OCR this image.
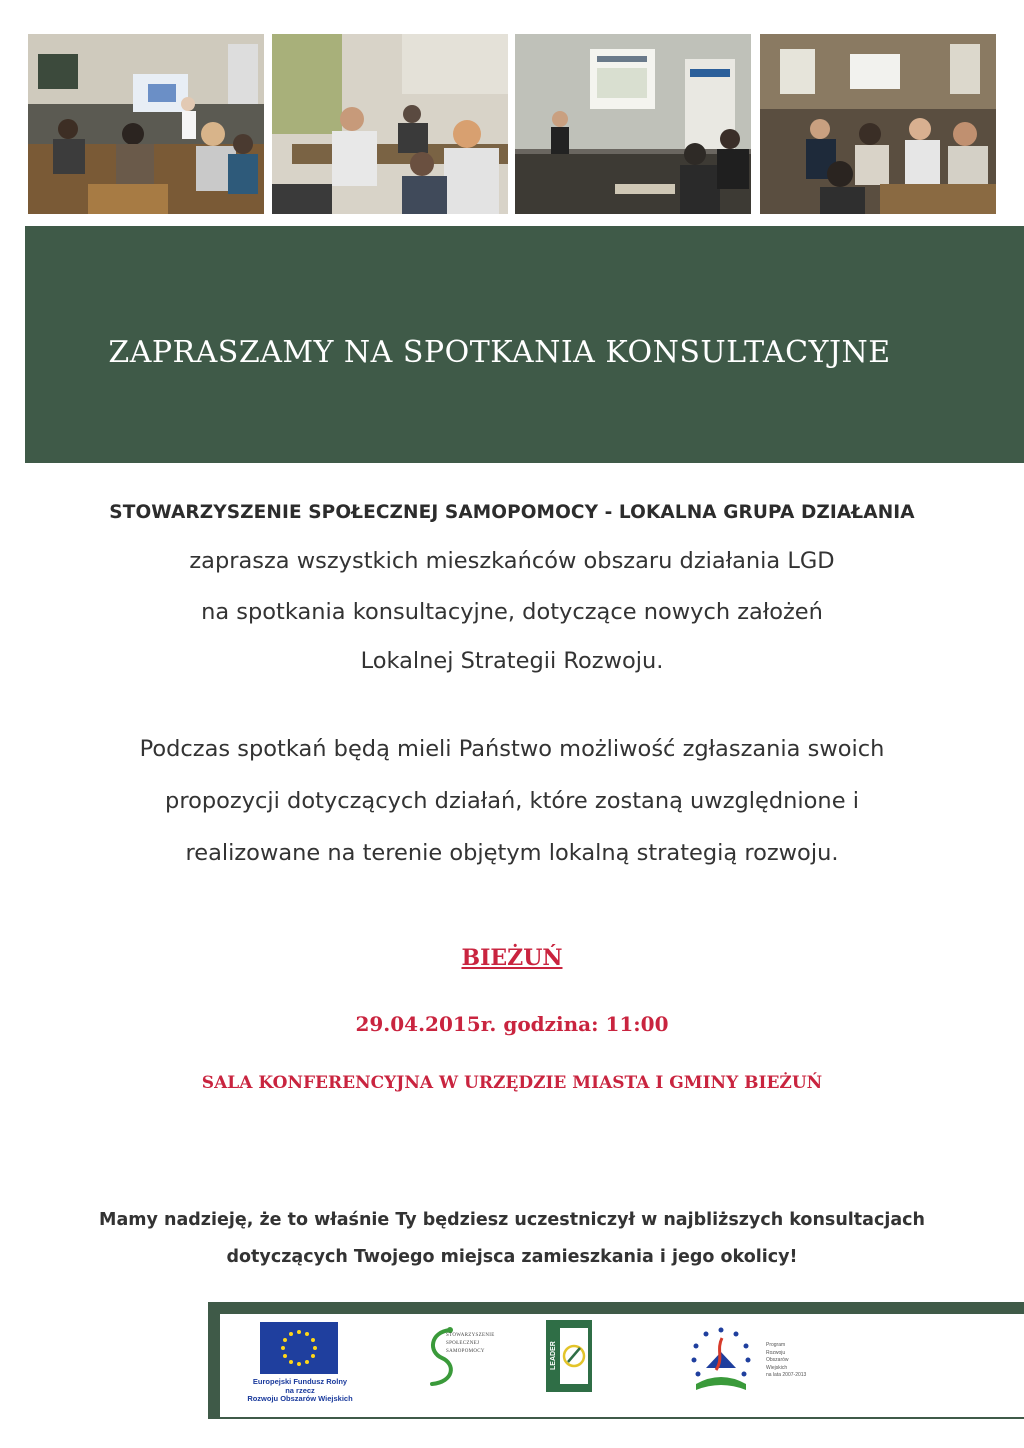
ZAPRASZAMY NA SPOTKANIA KONSULTACYJNE

STOWARZYSZENIE SPOŁECZNEJ SAMOPOMOCY - LOKALNA GRUPA DZIAŁANIA

zaprasza wszystkich mieszkańców obszaru działania LGD

na spotkania konsultacyjne, dotyczące nowych założeń

Lokalnej Strategii Rozwoju.

Podczas spotkań będą mieli Państwo możliwość zgłaszania swoich

propozycji dotyczących działań, które zostaną uwzględnione i

realizowane na terenie objętym lokalną strategią rozwoju.

BIEŻUŃ

29.04.2015r. godzina: 11:00

SALA KONFERENCYJNA W URZĘDZIE MIASTA I GMINY BIEŻUŃ

Mamy nadzieję, że to właśnie Ty będziesz uczestniczył w najbliższych konsultacjach

dotyczących Twojego miejsca zamieszkania i jego okolicy!

Europejski Fundusz Rolny
na rzecz
Rozwoju Obszarów Wiejskich
STOWARZYSZENIE
SPOŁECZNEJ
SAMOPOMOCY	LEADER	Program
Rozwoju
Obszarów
Wiejskich
na lata 2007-2013
